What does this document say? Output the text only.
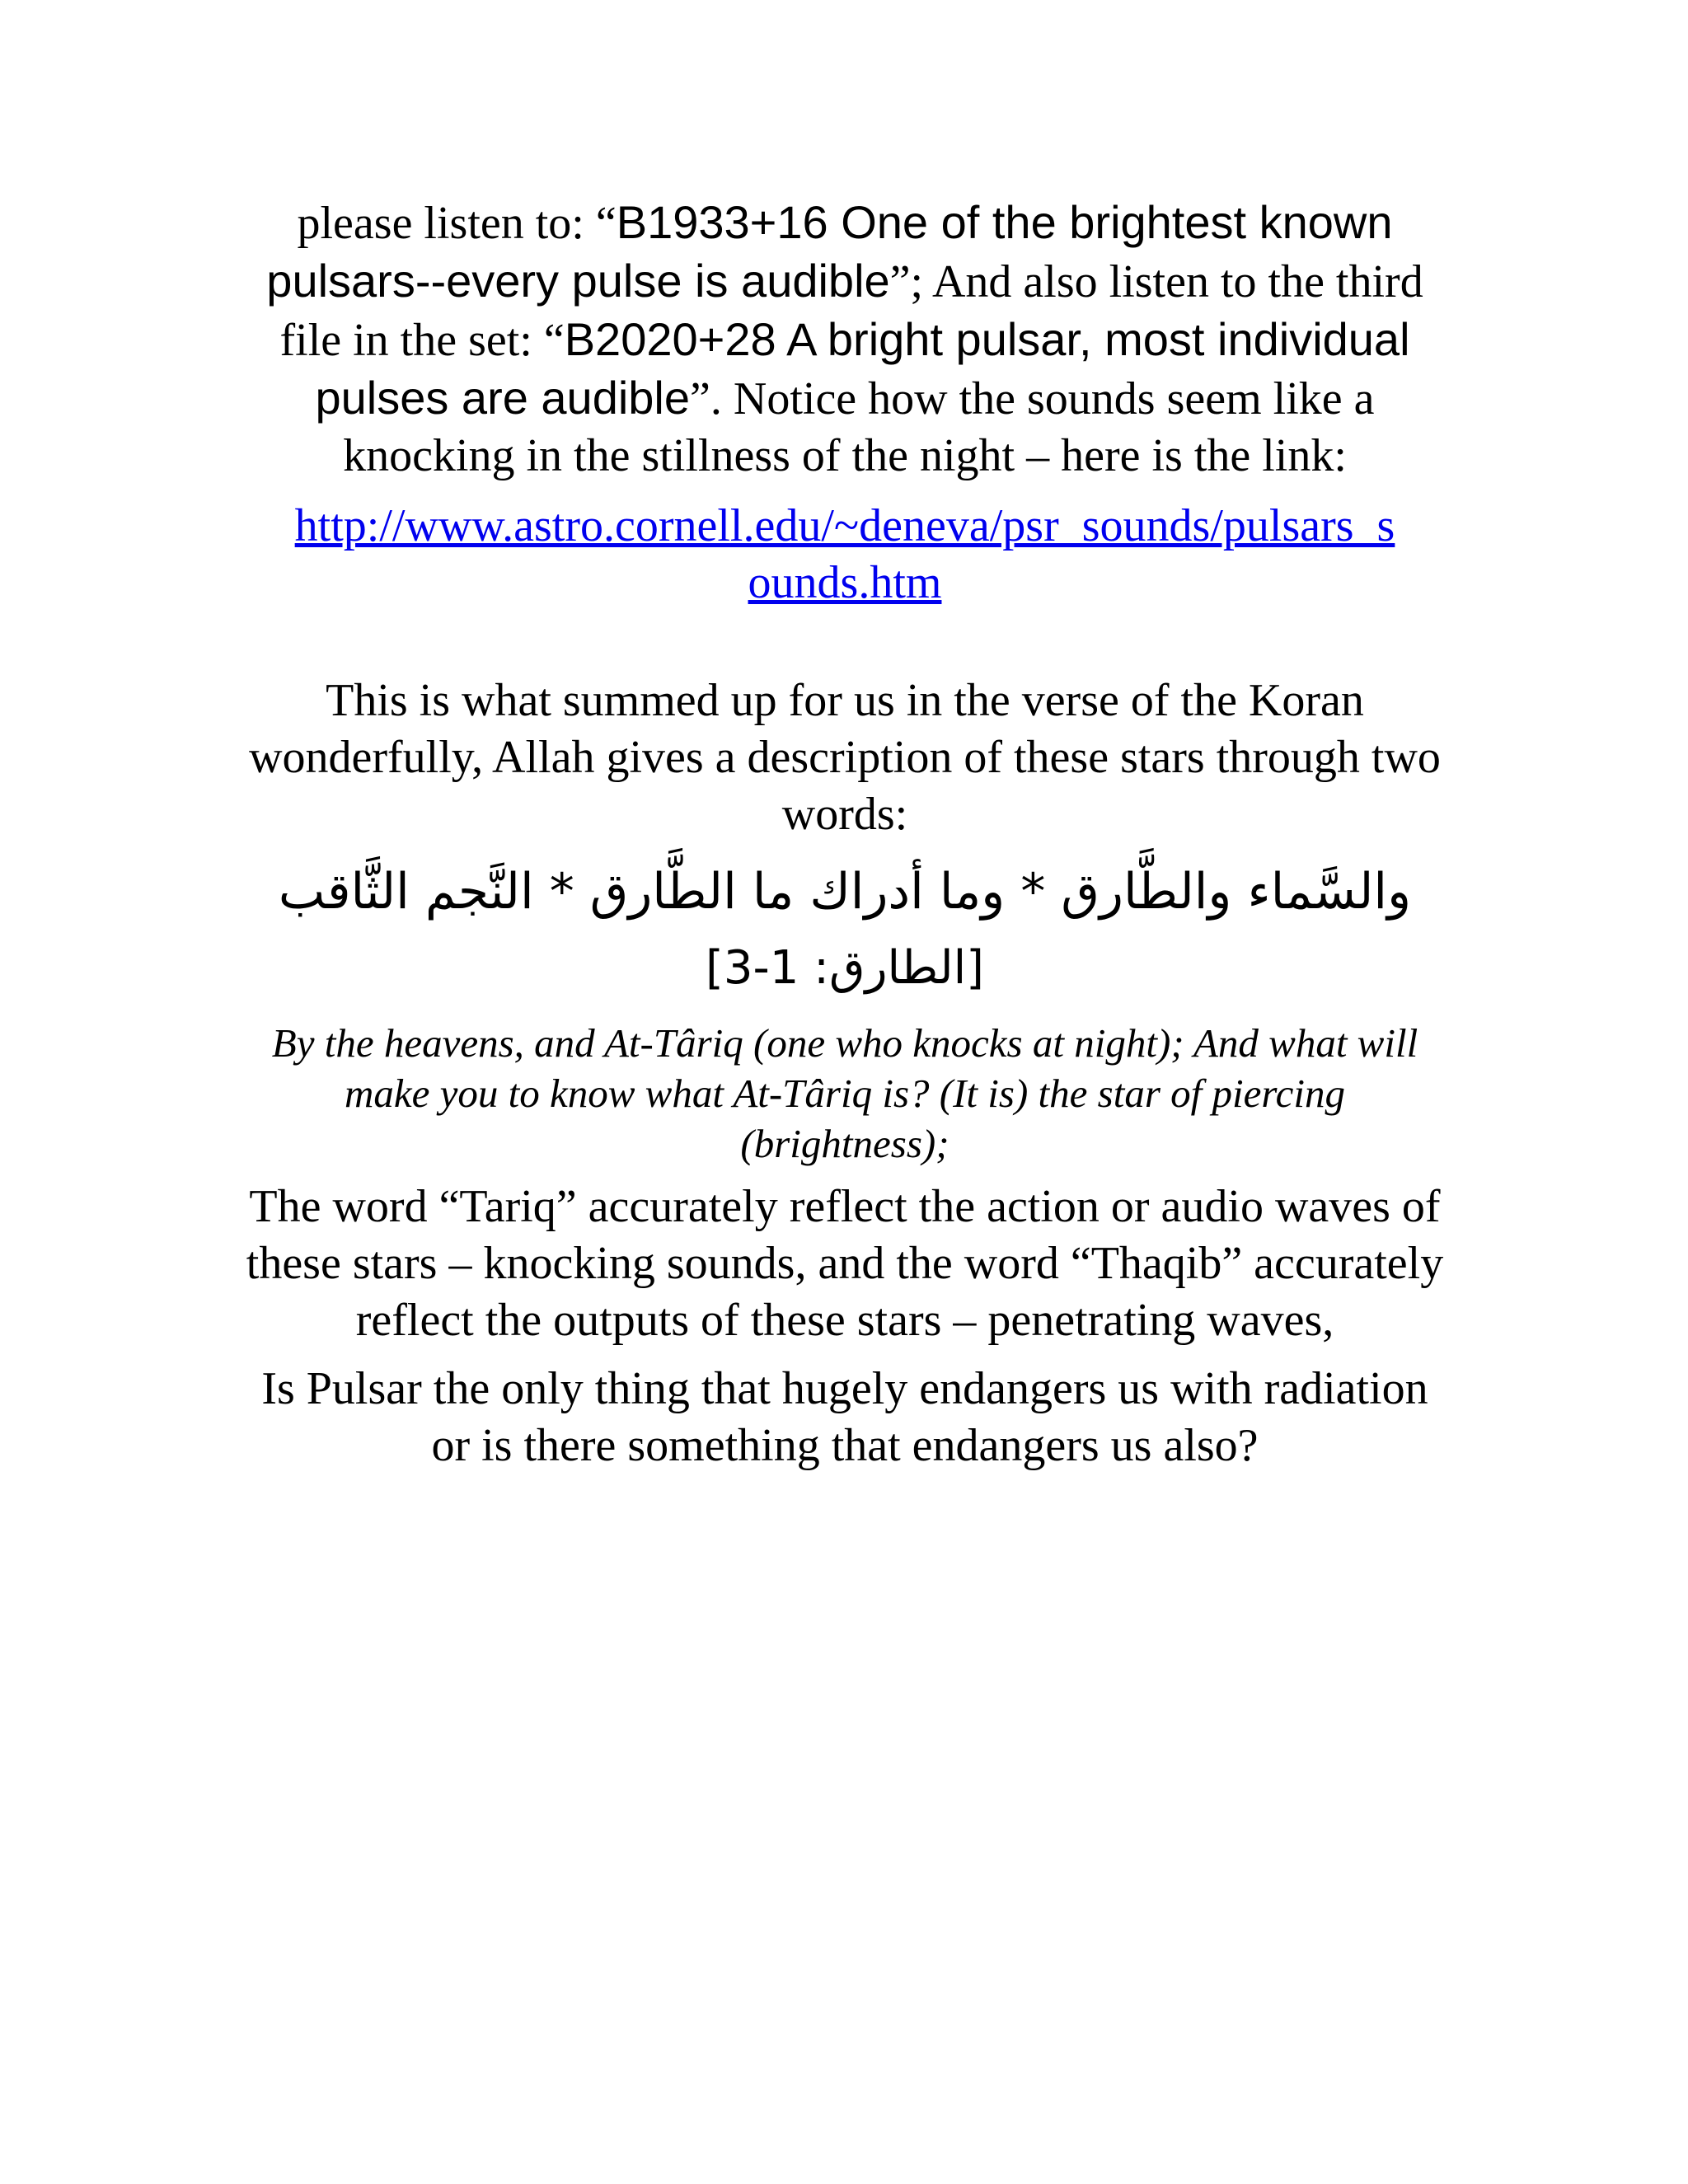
please listen to: “B1933+16 One of the brightest known pulsars--every pulse is audible”; And also listen to the third file in the set: “B2020+28 A bright pulsar, most individual pulses are audible”. Notice how the sounds seem like a knocking in the stillness of the night – here is the link:

http://www.astro.cornell.edu/~deneva/psr_sounds/pulsars_s
ounds.htm

This is what summed up for us in the verse of the Koran wonderfully, Allah gives a description of these stars through two words:

والسَّماء والطَّارق * وما أدراك ما الطَّارق * النَّجم الثَّاقب
[الطارق: 1-3]

By the heavens, and At-Târiq (one who knocks at night); And what will make you to know what At-Târiq is? (It is) the star of piercing (brightness);

The word “Tariq” accurately reflect the action or audio waves of these stars – knocking sounds, and the word “Thaqib” accurately reflect the outputs of these stars – penetrating waves,

Is Pulsar the only thing that hugely endangers us with radiation or is there something that endangers us also?
